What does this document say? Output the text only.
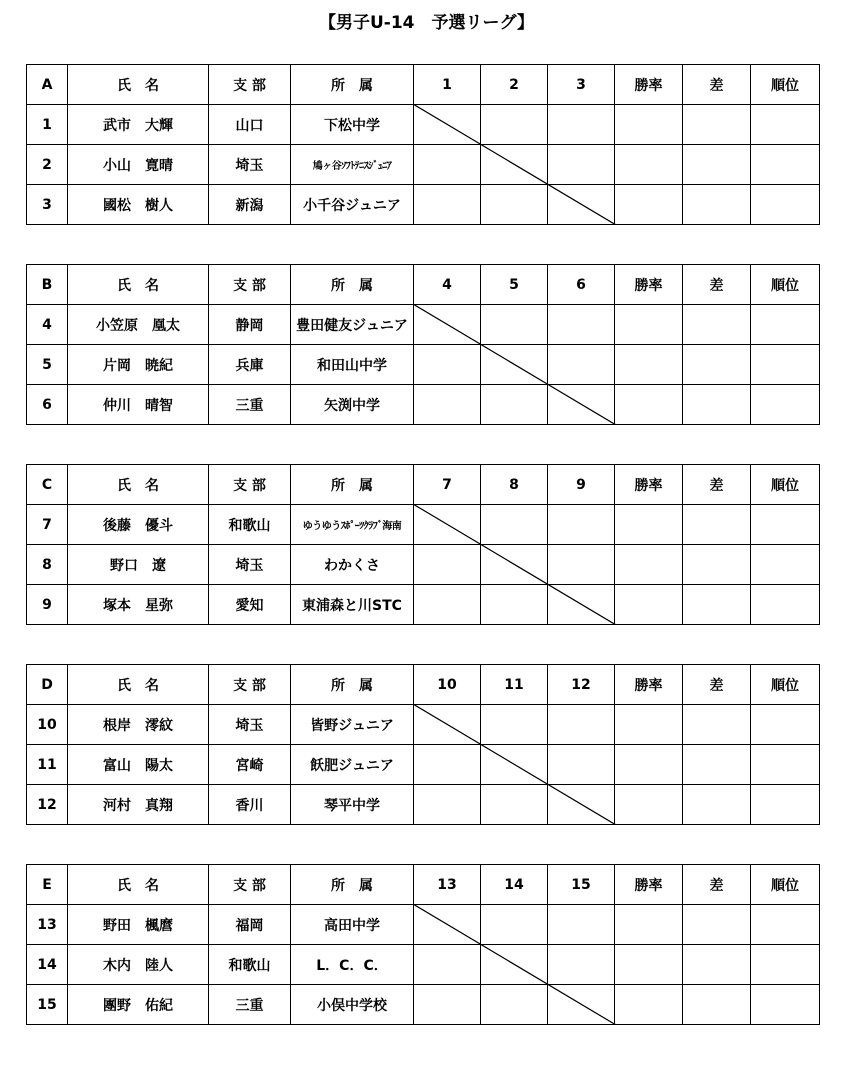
【男子U-14　予選リーグ】
A	氏　名	支 部	所　属	1	2	3	勝率	差	順位
1	武市　大輝	山口	下松中学						
2	小山　寛晴	埼玉	鳩ヶ谷ｿﾌﾄﾃﾆｽｼﾞｭﾆｱ						
3	國松　樹人	新潟	小千谷ジュニア						
B	氏　名	支 部	所　属	4	5	6	勝率	差	順位
4	小笠原　凰太	静岡	豊田健友ジュニア						
5	片岡　暁紀	兵庫	和田山中学						
6	仲川　晴智	三重	矢渕中学						
C	氏　名	支 部	所　属	7	8	9	勝率	差	順位
7	後藤　優斗	和歌山	ゆうゆうｽﾎﾟｰﾂｸﾗﾌﾞ海南						
8	野口　遼	埼玉	わかくさ						
9	塚本　星弥	愛知	東浦森と川STC						
D	氏　名	支 部	所　属	10	11	12	勝率	差	順位
10	根岸　澪紋	埼玉	皆野ジュニア						
11	富山　陽太	宮崎	飫肥ジュニア						
12	河村　真翔	香川	琴平中学						
E	氏　名	支 部	所　属	13	14	15	勝率	差	順位
13	野田　楓麿	福岡	高田中学						
14	木内　陸人	和歌山	L．C．C．						
15	團野　佑紀	三重	小俣中学校						
